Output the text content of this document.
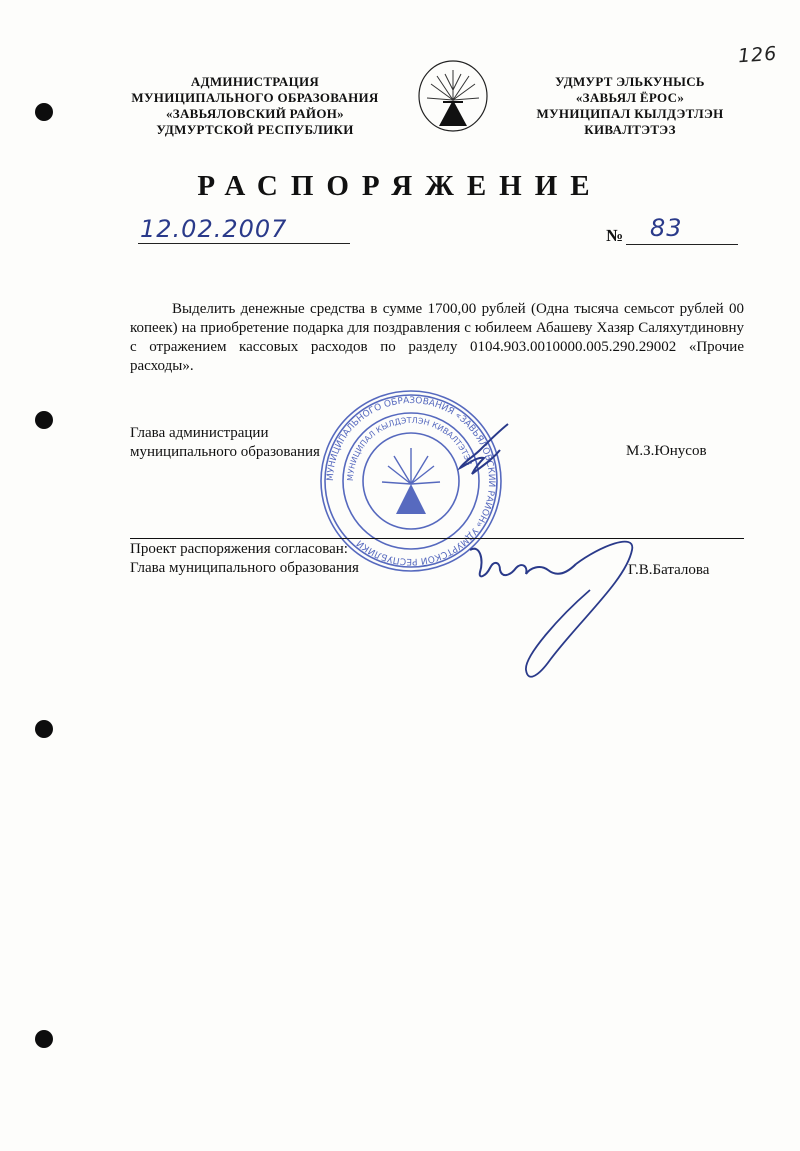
126
АДМИНИСТРАЦИЯ
МУНИЦИПАЛЬНОГО ОБРАЗОВАНИЯ
«ЗАВЬЯЛОВСКИЙ РАЙОН»
УДМУРТСКОЙ РЕСПУБЛИКИ
УДМУРТ ЭЛЬКУНЫСЬ
«ЗАВЬЯЛ ЁРОС»
МУНИЦИПАЛ КЫЛДЭТЛЭН
КИВАЛТЭТЭЗ
РАСПОРЯЖЕНИЕ
12.02.2007	№ 83
Выделить денежные средства в сумме 1700,00 рублей (Одна тысяча семьсот рублей 00 копеек) на приобретение подарка для поздравления с юбилеем Абашеву Хазяр Саляхутдиновну с отражением кассовых расходов по разделу 0104.903.0010000.005.290.29002 «Прочие расходы».
Глава администрации
муниципального образования	М.З.Юнусов
МУНИЦИПАЛЬНОГО ОБРАЗОВАНИЯ «ЗАВЬЯЛОВСКИЙ РАЙОН» УДМУРТСКОЙ РЕСПУБЛИКИ
МУНИЦИПАЛ КЫЛДЭТЛЭН КИВАЛТЭТЭЗ
Проект распоряжения согласован:
Глава муниципального образования	Г.В.Баталова
